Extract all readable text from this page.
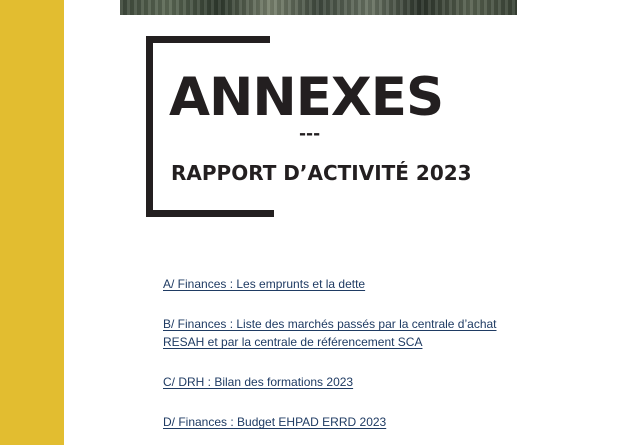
ANNEXES
---
RAPPORT D’ACTIVITÉ 2023
A/ Finances : Les emprunts et la dette
B/ Finances : Liste des marchés passés par la centrale d’achat
RESAH et par la centrale de référencement SCA
C/ DRH : Bilan des formations 2023
D/ Finances : Budget EHPAD ERRD 2023
